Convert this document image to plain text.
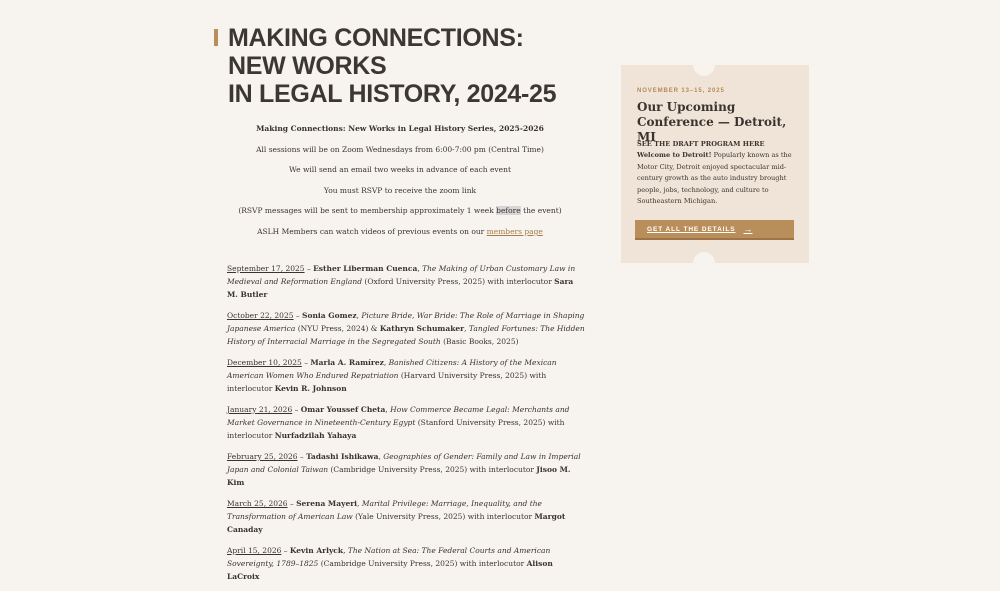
MAKING CONNECTIONS: NEW WORKS
IN LEGAL HISTORY, 2024-25

Making Connections: New Works in Legal History Series, 2025-2026

All sessions will be on Zoom Wednesdays from 6:00-7:00 pm (Central Time)

We will send an email two weeks in advance of each event

You must RSVP to receive the zoom link

(RSVP messages will be sent to membership approximately 1 week before the event)

ASLH Members can watch videos of previous events on our members page

September 17, 2025 – Esther Liberman Cuenca, The Making of Urban Customary Law in Medieval and Reformation England (Oxford University Press, 2025) with interlocutor Sara M. Butler

October 22, 2025 – Sonia Gomez, Picture Bride, War Bride: The Role of Marriage in Shaping Japanese America (NYU Press, 2024) & Kathryn Schumaker, Tangled Fortunes: The Hidden History of Interracial Marriage in the Segregated South (Basic Books, 2025)

December 10, 2025 – Marla A. Ramírez, Banished Citizens: A History of the Mexican American Women Who Endured Repatriation (Harvard University Press, 2025) with interlocutor Kevin R. Johnson

January 21, 2026 – Omar Youssef Cheta, How Commerce Became Legal: Merchants and Market Governance in Nineteenth-Century Egypt (Stanford University Press, 2025) with interlocutor Nurfadzilah Yahaya

February 25, 2026 – Tadashi Ishikawa, Geographies of Gender: Family and Law in Imperial Japan and Colonial Taiwan (Cambridge University Press, 2025) with interlocutor Jisoo M. Kim

March 25, 2026 – Serena Mayeri, Marital Privilege: Marriage, Inequality, and the Transformation of American Law (Yale University Press, 2025) with interlocutor Margot Canaday

April 15, 2026 – Kevin Arlyck, The Nation at Sea: The Federal Courts and American Sovereignty, 1789–1825 (Cambridge University Press, 2025) with interlocutor Alison LaCroix

NOVEMBER 13–15, 2025
Our Upcoming Conference — Detroit, MI
SEE THE DRAFT PROGRAM HERE Welcome to Detroit! Popularly known as the Motor City, Detroit enjoyed spectacular mid-century growth as the auto industry brought people, jobs, technology, and culture to Southeastern Michigan.
GET ALL THE DETAILS →
